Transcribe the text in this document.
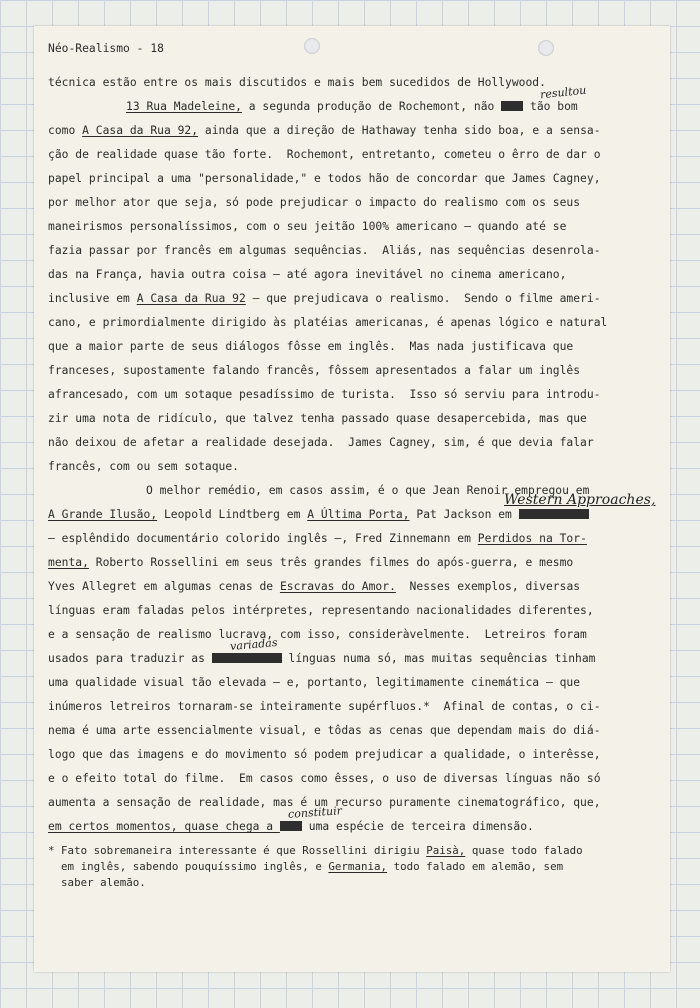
Néo-Realismo - 18
técnica estão entre os mais discutidos e mais bem sucedidos de Hollywood.
13 Rua Madeleine, a segunda produção de Rochemont, não  tão bom
como A Casa da Rua 92, ainda que a direção de Hathaway tenha sido boa, e a sensa-
ção de realidade quase tão forte.  Rochemont, entretanto, cometeu o êrro de dar o
papel principal a uma "personalidade," e todos hão de concordar que James Cagney,
por melhor ator que seja, só pode prejudicar o impacto do realismo com os seus
maneirismos personalíssimos, com o seu jeitão 100% americano — quando até se
fazia passar por francês em algumas sequências.  Aliás, nas sequências desenrola-
das na França, havia outra coisa — até agora inevitável no cinema americano,
inclusive em A Casa da Rua 92 — que prejudicava o realismo.  Sendo o filme ameri-
cano, e primordialmente dirigido às platéias americanas, é apenas lógico e natural
que a maior parte de seus diálogos fôsse em inglês.  Mas nada justificava que
franceses, supostamente falando francês, fôssem apresentados a falar um inglês
afrancesado, com um sotaque pesadíssimo de turista.  Isso só serviu para introdu-
zir uma nota de ridículo, que talvez tenha passado quase desapercebida, mas que
não deixou de afetar a realidade desejada.  James Cagney, sim, é que devia falar
francês, com ou sem sotaque.
O melhor remédio, em casos assim, é o que Jean Renoir empregou em
A Grande Ilusão, Leopold Lindtberg em A Última Porta, Pat Jackson em
— esplêndido documentário colorido inglês —, Fred Zinnemann em Perdidos na Tor-
menta, Roberto Rossellini em seus três grandes filmes do após-guerra, e mesmo
Yves Allegret em algumas cenas de Escravas do Amor.  Nesses exemplos, diversas
línguas eram faladas pelos intérpretes, representando nacionalidades diferentes,
e a sensação de realismo lucrava, com isso, consideràvelmente.  Letreiros foram
usados para traduzir as	línguas numa só, mas muitas sequências tinham
uma qualidade visual tão elevada — e, portanto, legitimamente cinemática — que
inúmeros letreiros tornaram-se inteiramente supérfluos.*  Afinal de contas, o ci-
nema é uma arte essencialmente visual, e tôdas as cenas que dependam mais do diá-
logo que das imagens e do movimento só podem prejudicar a qualidade, o interêsse,
e o efeito total do filme.  Em casos como êsses, o uso de diversas línguas não só
aumenta a sensação de realidade, mas é um recurso puramente cinematográfico, que,
em certos momentos, quase chega a  uma espécie de terceira dimensão.
* Fato sobremaneira interessante é que Rossellini dirigiu Paisà, quase todo falado
em inglês, sabendo pouquíssimo inglês, e Germania, todo falado em alemão, sem
saber alemão.
resultou
Western Approaches,
variadas
constituir
